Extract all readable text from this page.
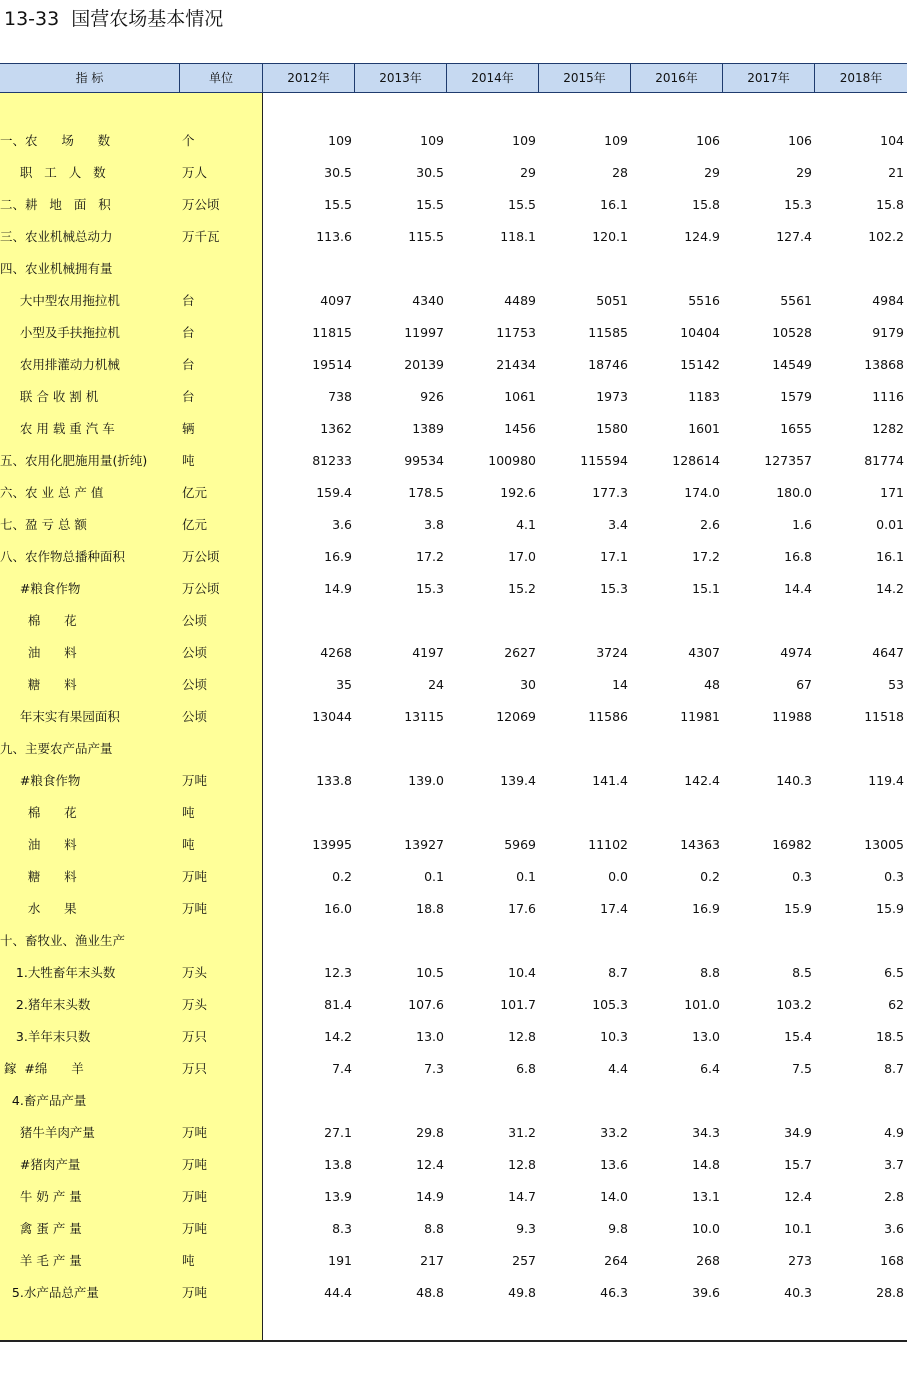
13-33  国营农场基本情况
指 标	单位	2012年	2013年	2014年	2015年	2016年	2017年	2018年
一、农      场      数	个	109	109	109	109	106	106	104
职   工   人   数	万人	30.5	30.5	29	28	29	29	21
二、耕   地   面   积	万公顷	15.5	15.5	15.5	16.1	15.8	15.3	15.8
三、农业机械总动力	万千瓦	113.6	115.5	118.1	120.1	124.9	127.4	102.2
四、农业机械拥有量
大中型农用拖拉机	台	4097	4340	4489	5051	5516	5561	4984
小型及手扶拖拉机	台	11815	11997	11753	11585	10404	10528	9179
农用排灌动力机械	台	19514	20139	21434	18746	15142	14549	13868
联 合 收 割 机	台	738	926	1061	1973	1183	1579	1116
农 用 载 重 汽 车	辆	1362	1389	1456	1580	1601	1655	1282
五、农用化肥施用量(折纯)	吨	81233	99534	100980	115594	128614	127357	81774
六、农 业 总 产 值	亿元	159.4	178.5	192.6	177.3	174.0	180.0	171
七、盈 亏 总 额	亿元	3.6	3.8	4.1	3.4	2.6	1.6	0.01
八、农作物总播种面积	万公顷	16.9	17.2	17.0	17.1	17.2	16.8	16.1
#粮食作物	万公顷	14.9	15.3	15.2	15.3	15.1	14.4	14.2
棉      花	公顷
油      料	公顷	4268	4197	2627	3724	4307	4974	4647
糖      料	公顷	35	24	30	14	48	67	53
年末实有果园面积	公顷	13044	13115	12069	11586	11981	11988	11518
九、主要农产品产量
#粮食作物	万吨	133.8	139.0	139.4	141.4	142.4	140.3	119.4
棉      花	吨
油      料	吨	13995	13927	5969	11102	14363	16982	13005
糖      料	万吨	0.2	0.1	0.1	0.0	0.2	0.3	0.3
水      果	万吨	16.0	18.8	17.6	17.4	16.9	15.9	15.9
十、畜牧业、渔业生产
1.大牲畜年末头数	万头	12.3	10.5	10.4	8.7	8.8	8.5	6.5
2.猪年末头数	万头	81.4	107.6	101.7	105.3	101.0	103.2	62
3.羊年末只数	万只	14.2	13.0	12.8	10.3	13.0	15.4	18.5
鎵  #绵      羊	万只	7.4	7.3	6.8	4.4	6.4	7.5	8.7
4.畜产品产量
猪牛羊肉产量	万吨	27.1	29.8	31.2	33.2	34.3	34.9	4.9
#猪肉产量	万吨	13.8	12.4	12.8	13.6	14.8	15.7	3.7
牛 奶 产 量	万吨	13.9	14.9	14.7	14.0	13.1	12.4	2.8
禽 蛋 产 量	万吨	8.3	8.8	9.3	9.8	10.0	10.1	3.6
羊 毛 产 量	吨	191	217	257	264	268	273	168
5.水产品总产量	万吨	44.4	48.8	49.8	46.3	39.6	40.3	28.8
